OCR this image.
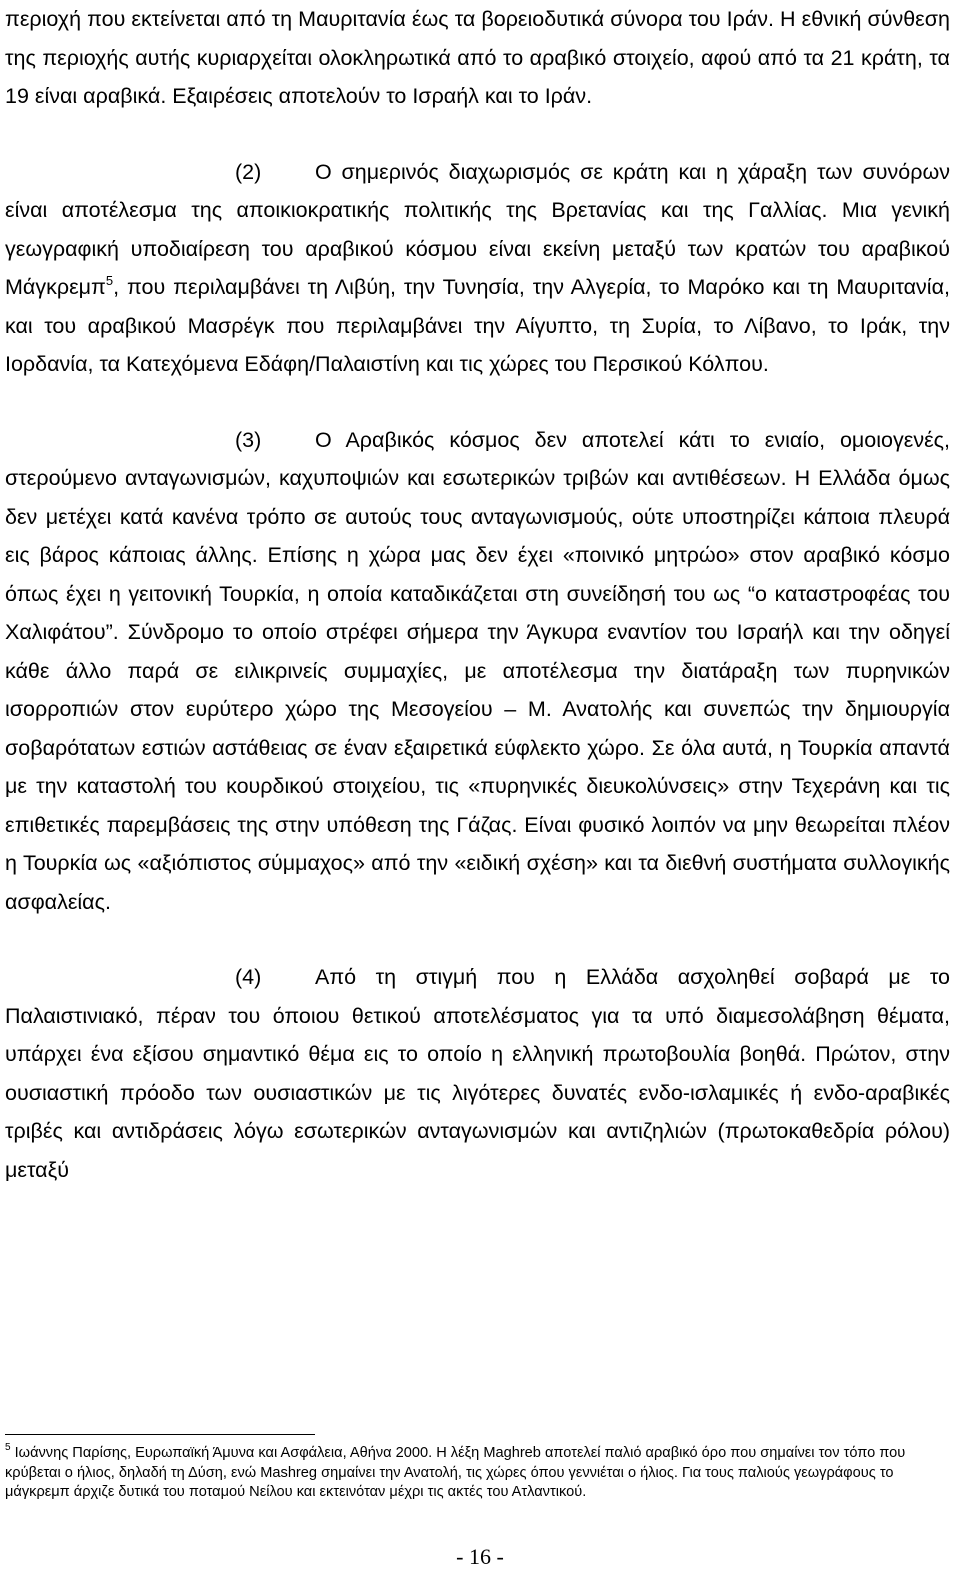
περιοχή που εκτείνεται από τη Μαυριτανία έως τα βορειοδυτικά σύνορα του Ιράν. Η εθνική σύνθεση της περιοχής αυτής κυριαρχείται ολοκληρωτικά από το αραβικό στοιχείο, αφού από τα 21 κράτη, τα 19 είναι αραβικά. Εξαιρέσεις αποτελούν το Ισραήλ και το Ιράν.

(2) Ο σημερινός διαχωρισμός σε κράτη και η χάραξη των συνόρων είναι αποτέλεσμα της αποικιοκρατικής πολιτικής της Βρετανίας και της Γαλλίας. Μια γενική γεωγραφική υποδιαίρεση του αραβικού κόσμου είναι εκείνη μεταξύ των κρατών του αραβικού Μάγκρεμπ$^5$, που περιλαμβάνει τη Λιβύη, την Τυνησία, την Αλγερία, το Μαρόκο και τη Μαυριτανία, και του αραβικού Μασρέγκ που περιλαμβάνει την Αίγυπτο, τη Συρία, το Λίβανο, το Ιράκ, την Ιορδανία, τα Κατεχόμενα Εδάφη/Παλαιστίνη και τις χώρες του Περσικού Κόλπου.

(3) Ο Αραβικός κόσμος δεν αποτελεί κάτι το ενιαίο, ομοιογενές, στερούμενο ανταγωνισμών, καχυποψιών και εσωτερικών τριβών και αντιθέσεων. Η Ελλάδα όμως δεν μετέχει κατά κανένα τρόπο σε αυτούς τους ανταγωνισμούς, ούτε υποστηρίζει κάποια πλευρά εις βάρος κάποιας άλλης. Επίσης η χώρα μας δεν έχει «ποινικό μητρώο» στον αραβικό κόσμο όπως έχει η γειτονική Τουρκία, η οποία καταδικάζεται στη συνείδησή του ως “ο καταστροφέας του Χαλιφάτου”. Σύνδρομο το οποίο στρέφει σήμερα την Άγκυρα εναντίον του Ισραήλ και την οδηγεί κάθε άλλο παρά σε ειλικρινείς συμμαχίες, με αποτέλεσμα την διατάραξη των πυρηνικών ισορροπιών στον ευρύτερο χώρο της Μεσογείου – Μ. Ανατολής και συνεπώς την δημιουργία σοβαρότατων εστιών αστάθειας σε έναν εξαιρετικά εύφλεκτο χώρο. Σε όλα αυτά, η Τουρκία απαντά με την καταστολή του κουρδικού στοιχείου, τις «πυρηνικές διευκολύνσεις» στην Τεχεράνη και τις επιθετικές παρεμβάσεις της στην υπόθεση της Γάζας. Είναι φυσικό λοιπόν να μην θεωρείται πλέον η Τουρκία ως «αξιόπιστος σύμμαχος» από την «ειδική σχέση» και τα διεθνή συστήματα συλλογικής ασφαλείας.

(4) Από τη στιγμή που η Ελλάδα ασχοληθεί σοβαρά με το Παλαιστινιακό, πέραν του όποιου θετικού αποτελέσματος για τα υπό διαμεσολάβηση θέματα, υπάρχει ένα εξίσου σημαντικό θέμα εις το οποίο η ελληνική πρωτοβουλία βοηθά. Πρώτον, στην ουσιαστική πρόοδο των ουσιαστικών με τις λιγότερες δυνατές ενδο-ισλαμικές ή ενδο-αραβικές τριβές και αντιδράσεις λόγω εσωτερικών ανταγωνισμών και αντιζηλιών (πρωτοκαθεδρία ρόλου) μεταξύ

$^5$ Ιωάννης Παρίσης, Ευρωπαϊκή Άμυνα και Ασφάλεια, Αθήνα 2000. Η λέξη Maghreb αποτελεί παλιό αραβικό όρο που σημαίνει τον τόπο που κρύβεται ο ήλιος, δηλαδή τη Δύση, ενώ Mashreg σημαίνει την Ανατολή, τις χώρες όπου γεννιέται ο ήλιος. Για τους παλιούς γεωγράφους το μάγκρεμπ άρχιζε δυτικά του ποταμού Νείλου και εκτεινόταν μέχρι τις ακτές του Ατλαντικού.

- 16 -
